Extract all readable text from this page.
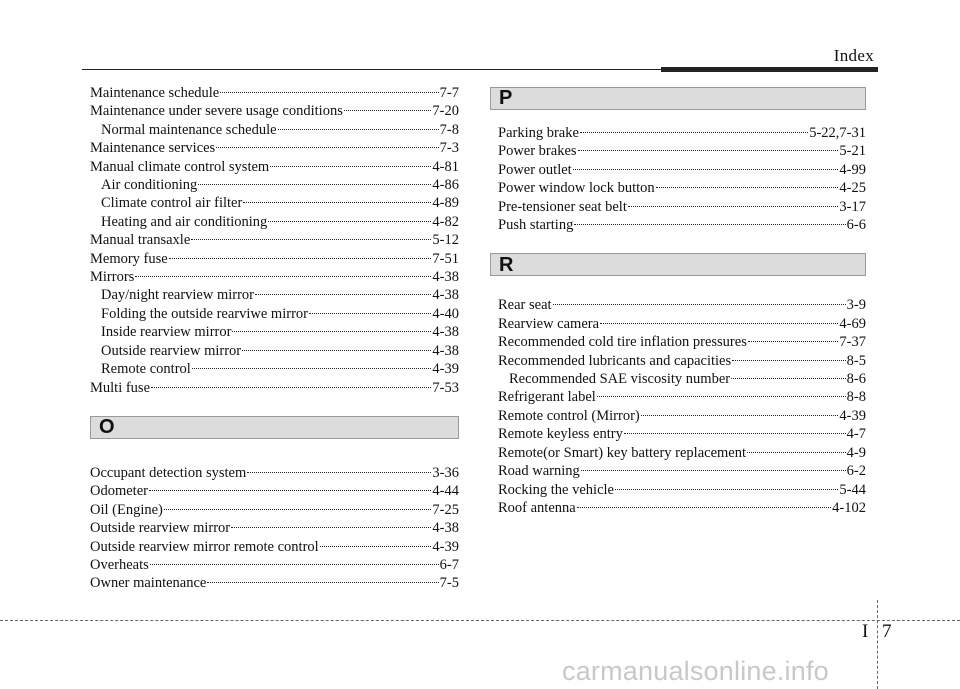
Index
Maintenance schedule	7-7
Maintenance under severe usage conditions	7-20
Normal maintenance schedule	7-8
Maintenance services	7-3
Manual climate control system	4-81
Air conditioning	4-86
Climate control air filter	4-89
Heating and air conditioning	4-82
Manual transaxle	5-12
Memory fuse	7-51
Mirrors	4-38
Day/night rearview mirror	4-38
Folding the outside rearviwe mirror	4-40
Inside rearview mirror	4-38
Outside rearview mirror	4-38
Remote control	4-39
Multi fuse	7-53
O
Occupant detection system	3-36
Odometer	4-44
Oil (Engine)	7-25
Outside rearview mirror	4-38
Outside rearview mirror remote control	4-39
Overheats	6-7
Owner maintenance	7-5
P
Parking brake	5-22,7-31
Power brakes	5-21
Power outlet	4-99
Power window lock button	4-25
Pre-tensioner seat belt	3-17
Push starting	6-6
R
Rear seat	3-9
Rearview camera	4-69
Recommended cold tire inflation pressures	7-37
Recommended lubricants and capacities	8-5
Recommended SAE viscosity number	8-6
Refrigerant label	8-8
Remote control (Mirror)	4-39
Remote keyless entry	4-7
Remote(or Smart) key battery replacement	4-9
Road warning	6-2
Rocking the vehicle	5-44
Roof antenna	4-102
I 7
carmanualsonline.info
